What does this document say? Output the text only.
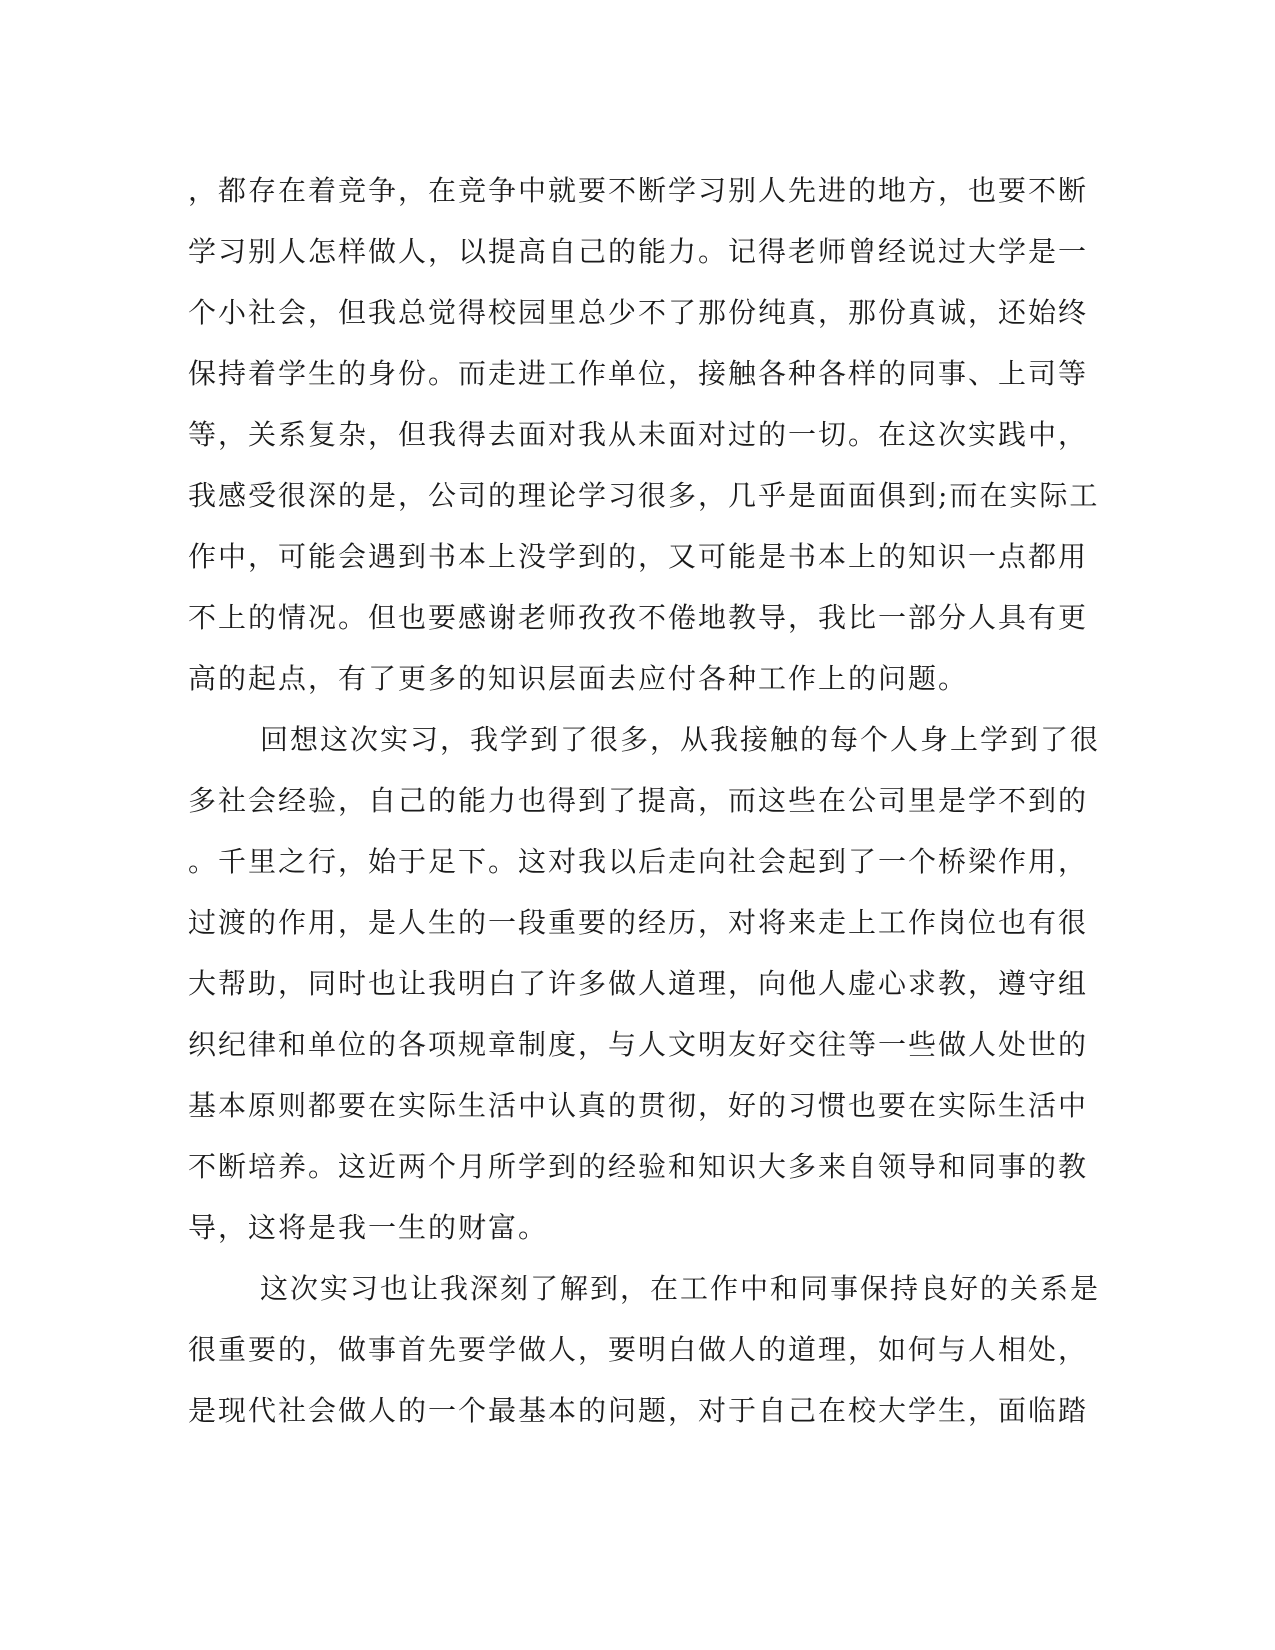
，都存在着竞争，在竞争中就要不断学习别人先进的地方，也要不断
学习别人怎样做人，以提高自己的能力。记得老师曾经说过大学是一
个小社会，但我总觉得校园里总少不了那份纯真，那份真诚，还始终
保持着学生的身份。而走进工作单位，接触各种各样的同事、上司等
等，关系复杂，但我得去面对我从未面对过的一切。在这次实践中，
我感受很深的是，公司的理论学习很多，几乎是面面俱到;而在实际工
作中，可能会遇到书本上没学到的，又可能是书本上的知识一点都用
不上的情况。但也要感谢老师孜孜不倦地教导，我比一部分人具有更
高的起点，有了更多的知识层面去应付各种工作上的问题。
回想这次实习，我学到了很多，从我接触的每个人身上学到了很
多社会经验，自己的能力也得到了提高，而这些在公司里是学不到的
。千里之行，始于足下。这对我以后走向社会起到了一个桥梁作用，
过渡的作用，是人生的一段重要的经历，对将来走上工作岗位也有很
大帮助，同时也让我明白了许多做人道理，向他人虚心求教，遵守组
织纪律和单位的各项规章制度，与人文明友好交往等一些做人处世的
基本原则都要在实际生活中认真的贯彻，好的习惯也要在实际生活中
不断培养。这近两个月所学到的经验和知识大多来自领导和同事的教
导，这将是我一生的财富。
这次实习也让我深刻了解到，在工作中和同事保持良好的关系是
很重要的，做事首先要学做人，要明白做人的道理，如何与人相处，
是现代社会做人的一个最基本的问题，对于自己在校大学生，面临踏
